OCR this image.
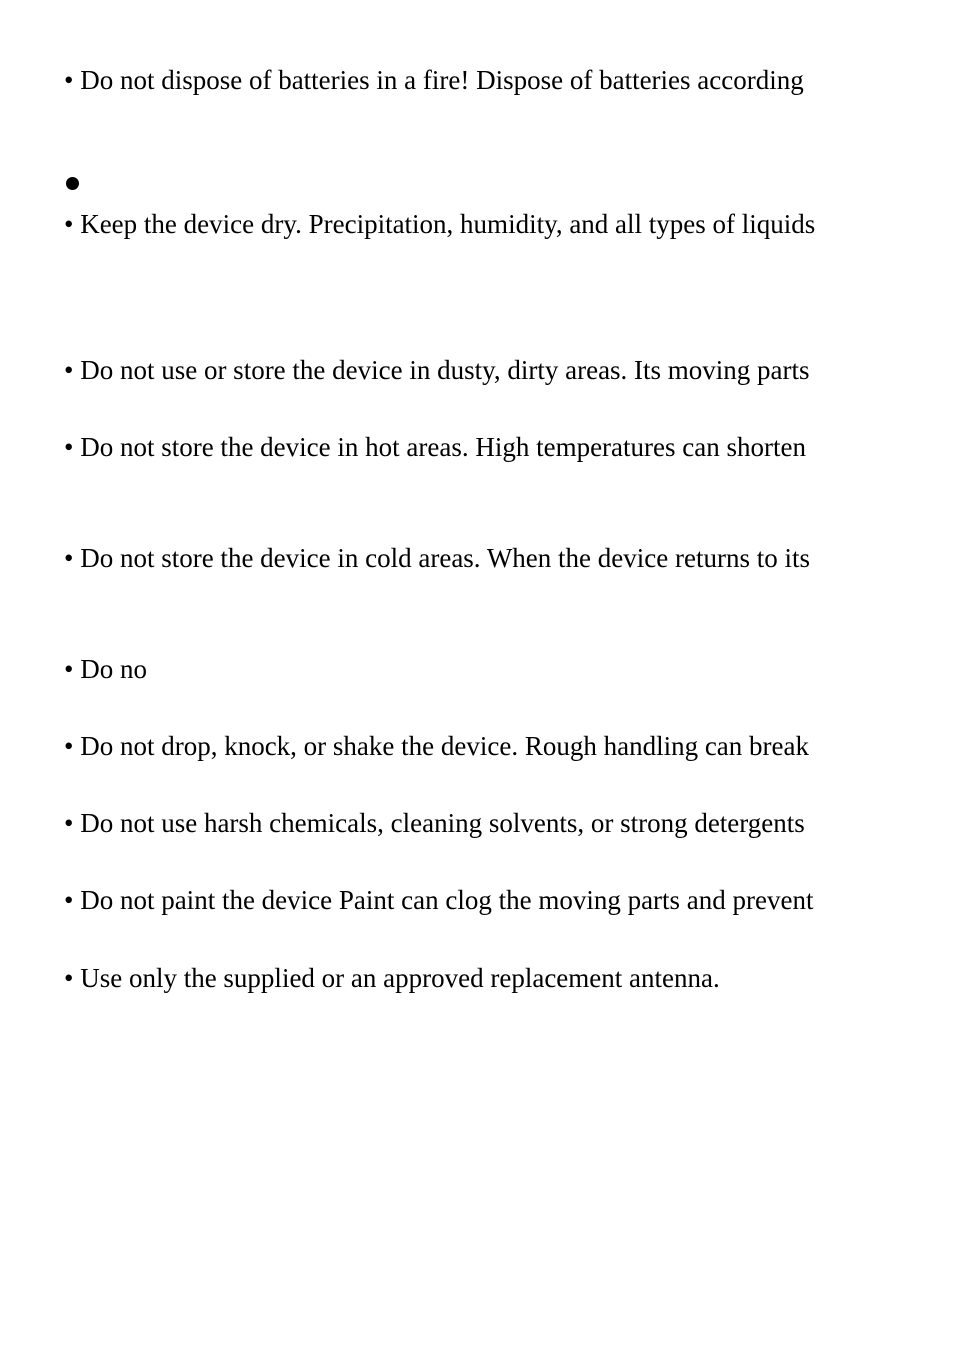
• Do not dispose of batteries in a fire! Dispose of batteries according
• Keep the device dry. Precipitation, humidity, and all types of liquids
• Do not use or store the device in dusty, dirty areas. Its moving parts
• Do not store the device in hot areas. High temperatures can shorten
• Do not store the device in cold areas. When the device returns to its
• Do no
• Do not drop, knock, or shake the device. Rough handling can break
• Do not use harsh chemicals, cleaning solvents, or strong detergents
• Do not paint the device Paint can clog the moving parts and prevent
• Use only the supplied or an approved replacement antenna.
